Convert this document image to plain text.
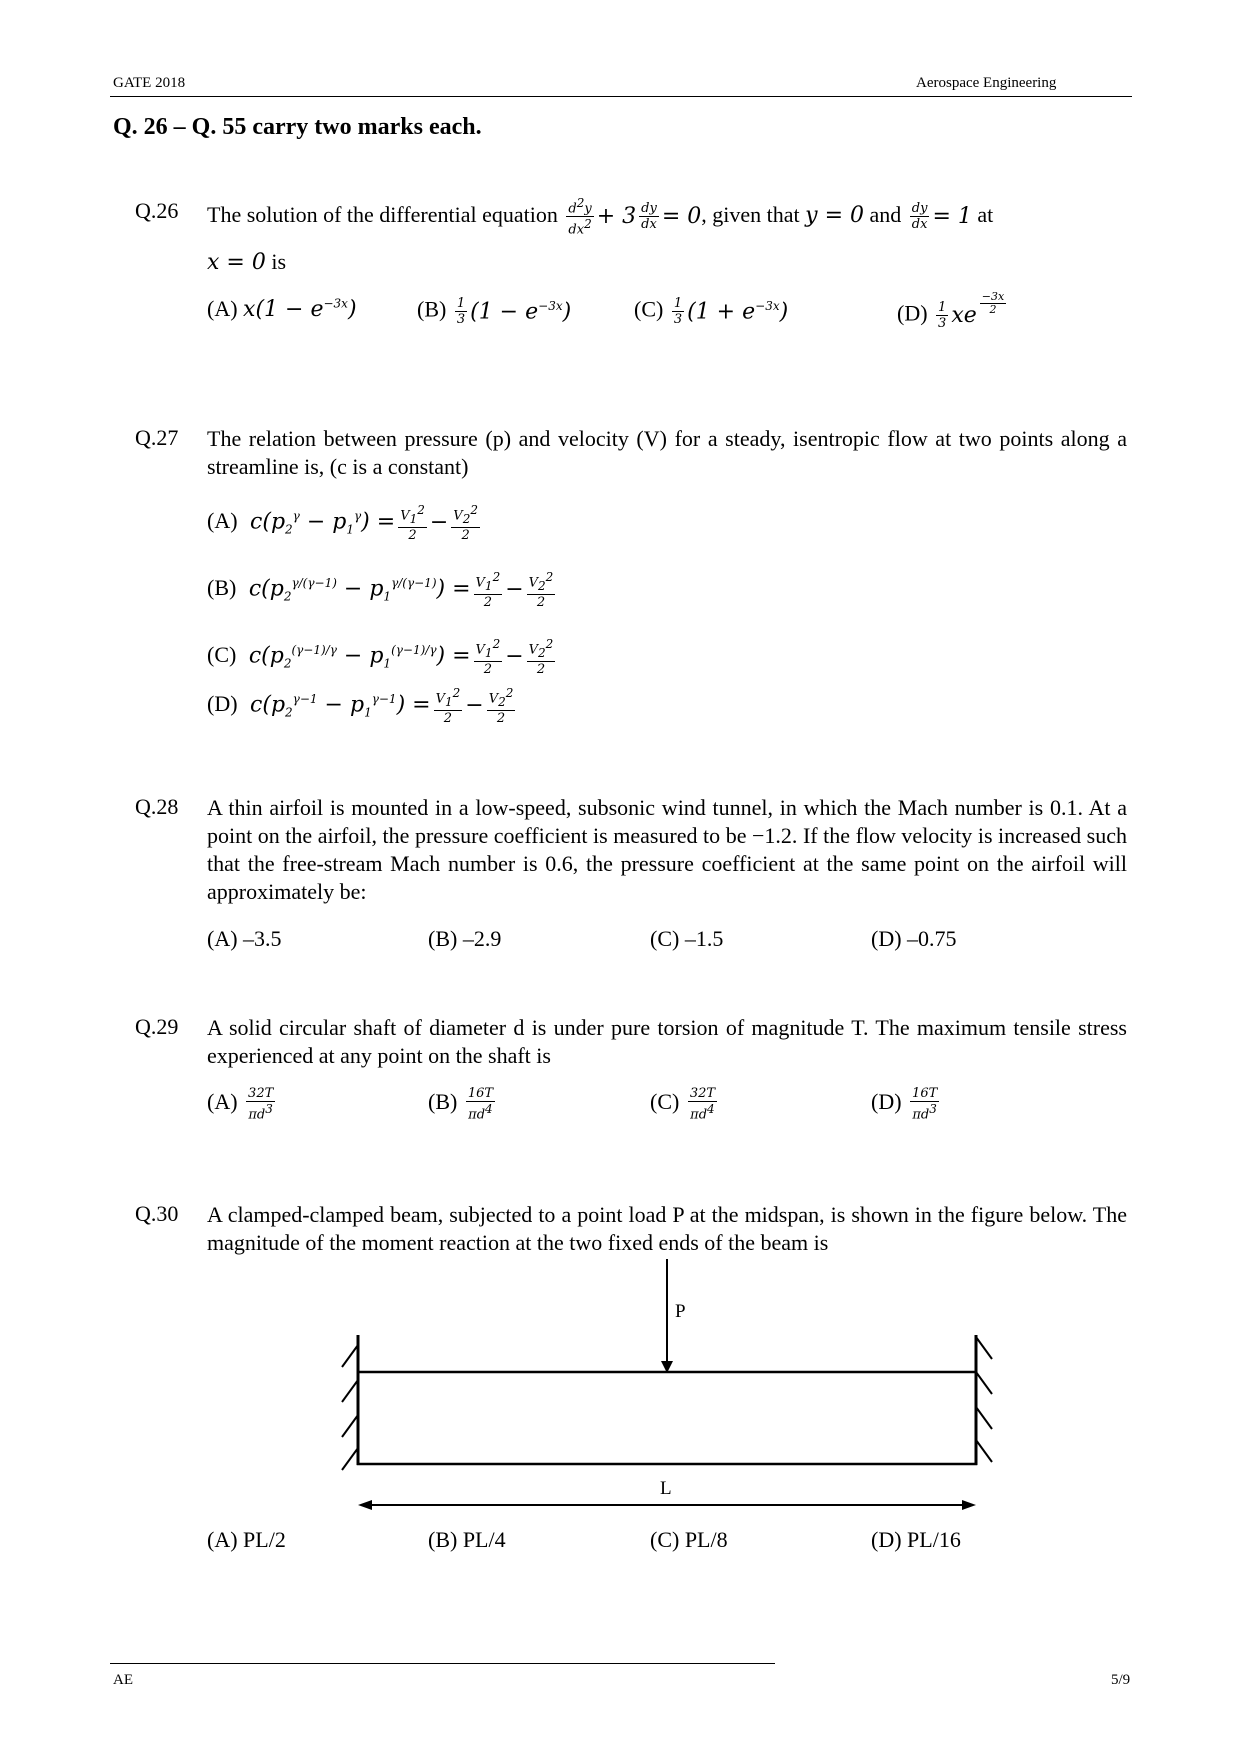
GATE 2018	Aerospace Engineering
Q. 26 – Q. 55 carry two marks each.
Q.26 The solution of the differential equation $\frac{d^2y}{dx^2} + 3 \frac{dy}{dx} = 0$ , given that y = 0 and $\frac{dy}{dx} = 1$ at
x = 0 is
(A) $x(1 - e^{-3x})$	$(B) \frac{1}{3} (1 - e^{-3x})$	$(C) \frac{1}{3} (1 + e^{-3x})$	$(D) \frac{1}{3}$ xe $\frac{-3x}{2}$
Q.27 The relation between pressure (p) and velocity (V) for a steady, isentropic flow at two points along a streamline is, (c is a constant)
(A) $c(p_2^\gamma - p_1^\gamma) = \frac{V_1^2}{2} - \frac{V_2^2}{2}$
(B) $c(p_2^{\gamma/(\gamma-1)} - p_1^{\gamma/(\gamma-1)}) = \frac{V_1^2}{2} - \frac{V_2^2}{2}$
(C) $c(p_2^{(\gamma-1)/\gamma} - p_1^{(\gamma-1)/\gamma}) = \frac{V_1^2}{2} - \frac{V_2^2}{2}$
(D) $c(p_2^{\gamma-1} - p_1^{\gamma-1}) = \frac{V_1^2}{2} - \frac{V_2^2}{2}$
Q.28 A thin airfoil is mounted in a low-speed, subsonic wind tunnel, in which the Mach number is 0.1. At a point on the airfoil, the pressure coefficient is measured to be −1.2. If the flow velocity is increased such that the free-stream Mach number is 0.6, the pressure coefficient at the same point on the airfoil will approximately be:
(A) –3.5	(B) –2.9	(C) –1.5	(D) –0.75
Q.29 A solid circular shaft of diameter d is under pure torsion of magnitude T. The maximum tensile stress experienced at any point on the shaft is
$(A) \frac{32T}{\pi d^3}$	$(B) \frac{16T}{\pi d^4}$	$(C) \frac{32T}{\pi d^4}$	$(D) \frac{16T}{\pi d^3}$
Q.30 A clamped-clamped beam, subjected to a point load P at the midspan, is shown in the figure below. The magnitude of the moment reaction at the two fixed ends of the beam is
P
L
(A) PL/2	(B) PL/4	(C) PL/8	(D) PL/16
AE	5/9
